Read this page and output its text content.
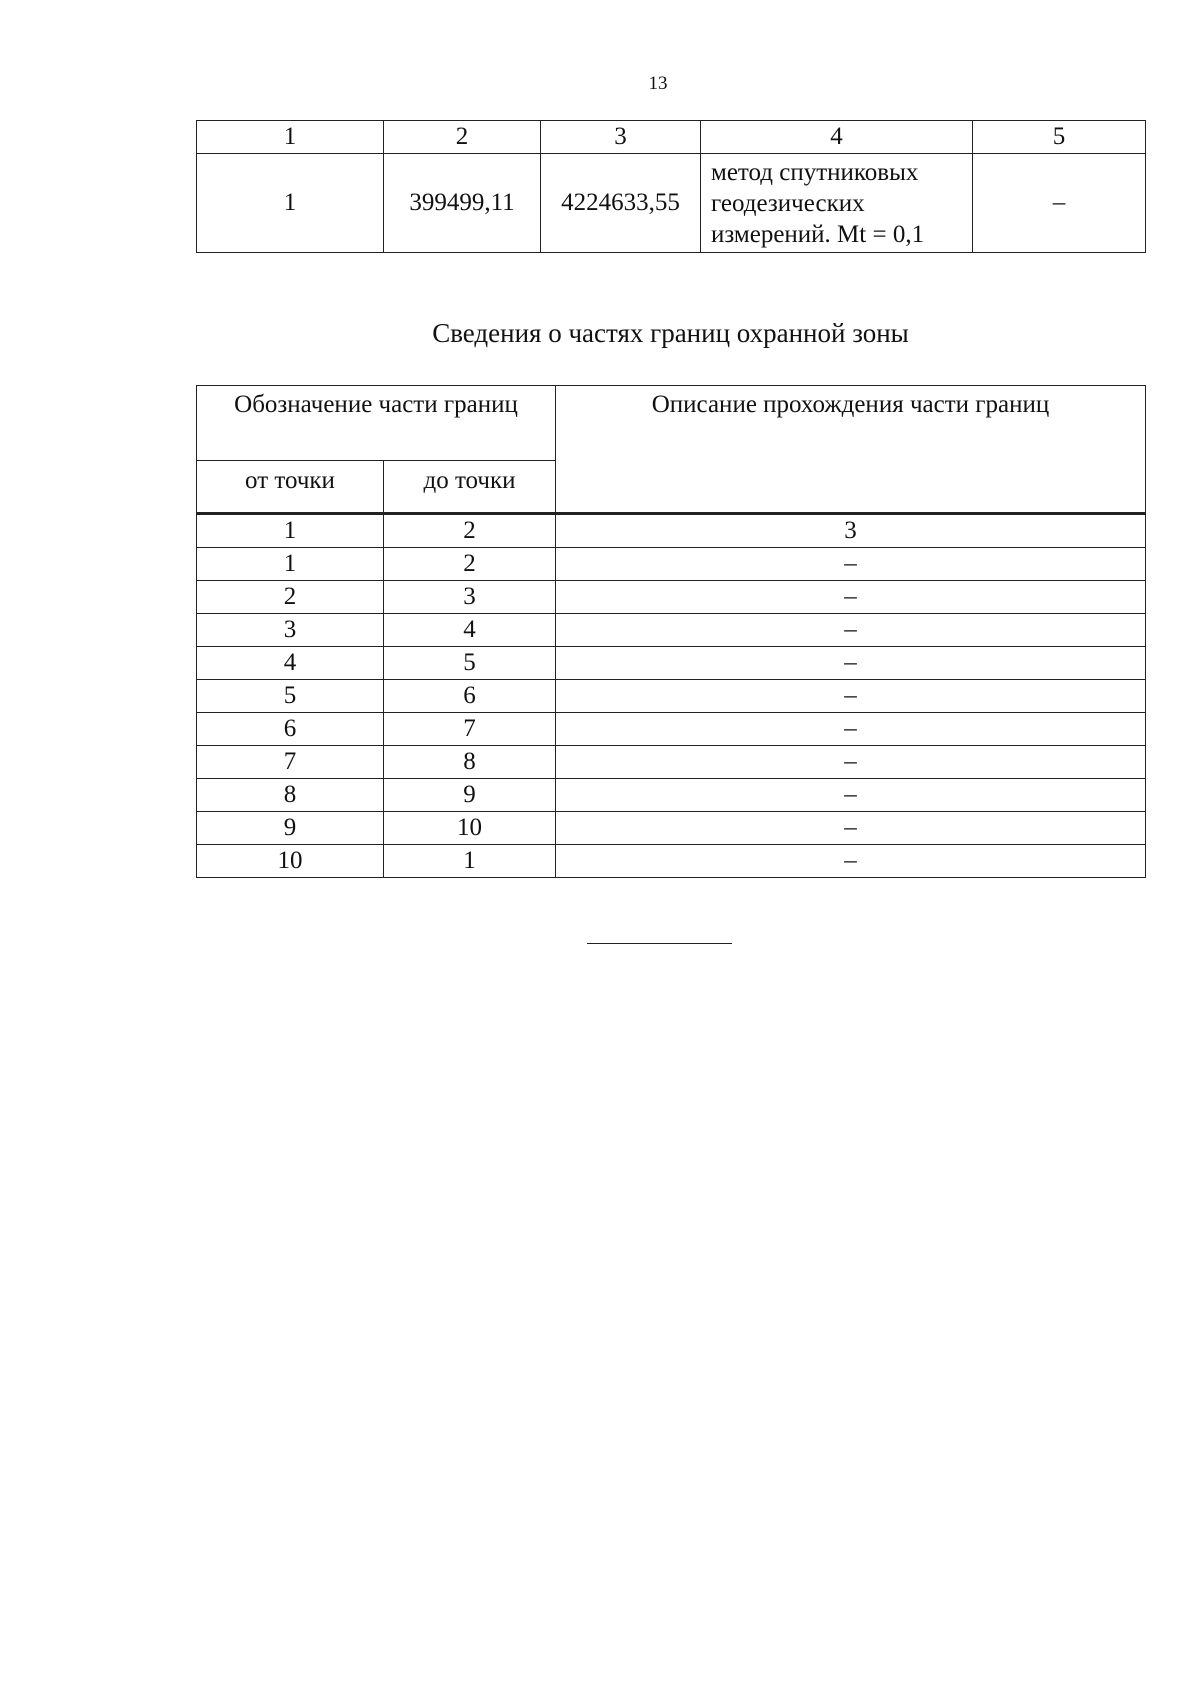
13
1	2	3	4	5
1	399499,11	4224633,55	метод спутниковых
геодезических
измерений. Mt = 0,1	–
Сведения о частях границ охранной зоны
Обозначение части границ		Описание прохождения части границ
от точки	до точки	
1	2	3
1	2	–
2	3	–
3	4	–
4	5	–
5	6	–
6	7	–
7	8	–
8	9	–
9	10	–
10	1	–
